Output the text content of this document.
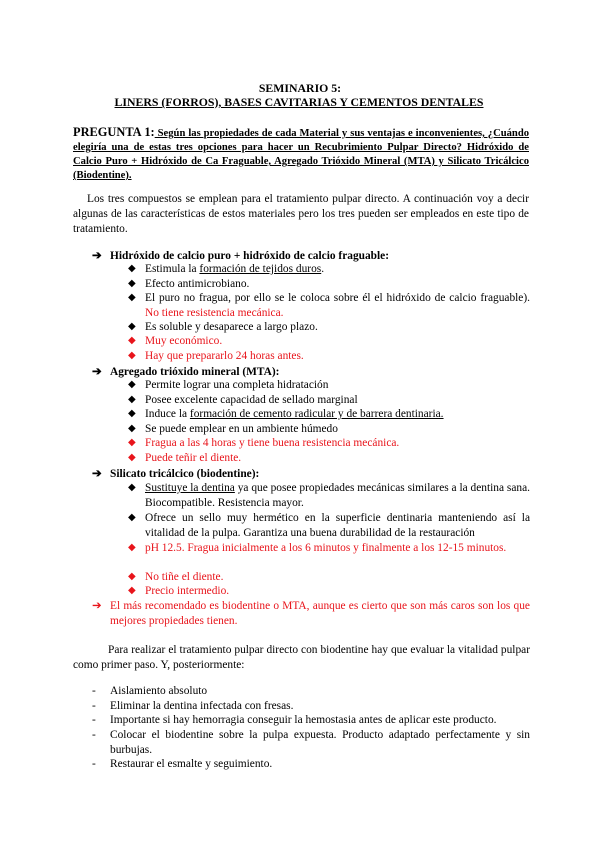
SEMINARIO 5:
LINERS (FORROS), BASES CAVITARIAS Y CEMENTOS DENTALES
PREGUNTA 1: Según las propiedades de cada Material y sus ventajas e inconvenientes, ¿Cuándo elegiría una de estas tres opciones para hacer un Recubrimiento Pulpar Directo? Hidróxido de Calcio Puro + Hidróxido de Ca Fraguable, Agregado Trióxido Mineral (MTA) y Silicato Tricálcico (Biodentine).

Los tres compuestos se emplean para el tratamiento pulpar directo. A continuación voy a decir algunas de las características de estos materiales pero los tres pueden ser empleados en este tipo de tratamiento.

➔ Hidróxido de calcio puro + hidróxido de calcio fraguable:
◆ Estimula la formación de tejidos duros.
◆ Efecto antimicrobiano.
◆ El puro no fragua, por ello se le coloca sobre él el hidróxido de calcio fraguable). No tiene resistencia mecánica.
◆ Es soluble y desaparece a largo plazo.
◆ Muy económico.
◆ Hay que prepararlo 24 horas antes.
➔ Agregado trióxido mineral (MTA):
◆ Permite lograr una completa hidratación
◆ Posee excelente capacidad de sellado marginal
◆ Induce la formación de cemento radicular y de barrera dentinaria.
◆ Se puede emplear en un ambiente húmedo
◆ Fragua a las 4 horas y tiene buena resistencia mecánica.
◆ Puede teñir el diente.
➔ Silicato tricálcico (biodentine):
◆ Sustituye la dentina ya que posee propiedades mecánicas similares a la dentina sana. Biocompatible. Resistencia mayor.
◆ Ofrece un sello muy hermético en la superficie dentinaria manteniendo así la vitalidad de la pulpa. Garantiza una buena durabilidad de la restauración
◆ pH 12.5. Fragua inicialmente a los 6 minutos y finalmente a los 12-15 minutos.
◆ No tiñe el diente.
◆ Precio intermedio.
➔ El más recomendado es biodentine o MTA, aunque es cierto que son más caros son los que mejores propiedades tienen.

Para realizar el tratamiento pulpar directo con biodentine hay que evaluar la vitalidad pulpar como primer paso. Y, posteriormente:

- Aislamiento absoluto
- Eliminar la dentina infectada con fresas.
- Importante si hay hemorragia conseguir la hemostasia antes de aplicar este producto.
- Colocar el biodentine sobre la pulpa expuesta. Producto adaptado perfectamente y sin burbujas.
- Restaurar el esmalte y seguimiento.
